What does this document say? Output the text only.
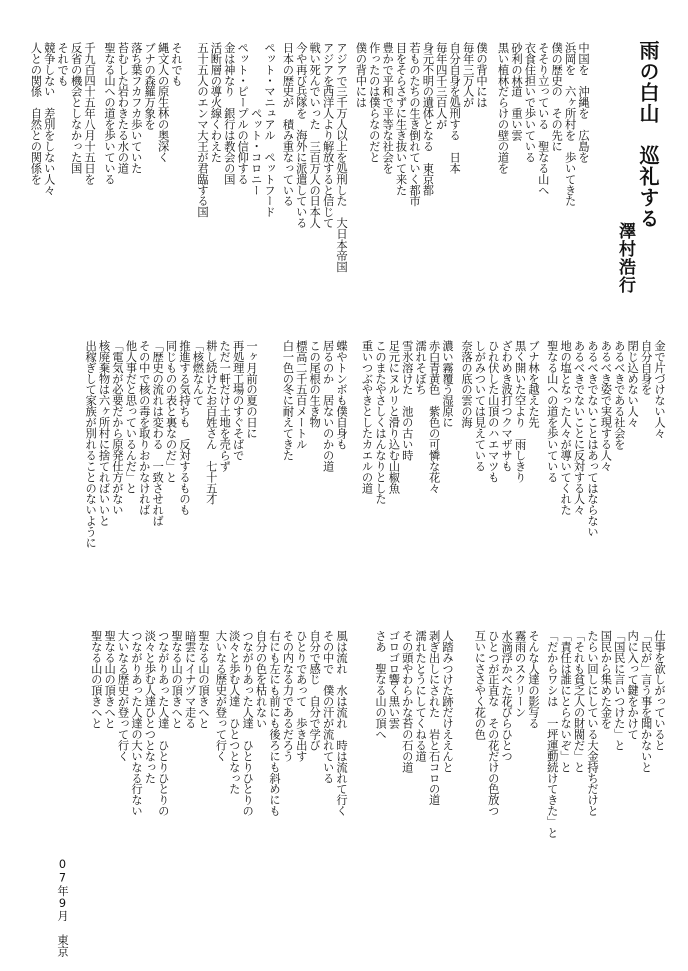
雨の白山　巡礼する
澤村浩行
中国を　沖縄を　広島を
浜岡を　六ヶ所村を　歩いてきた
僕の歴史の　その先に
そそり立っている　聖なる山へ
衣食住担いで歩いている
砂利の林道　重い雲
黒い植林だらけの壁の道を
僕の背中には
毎年三万人が
自分自身を処刑する　日本
毎年四千三百人が
身元不明の遺体となる　東京都
若ものたちの生き倒れていく都市
目をそらさずに生き抜いて来た
豊かで平和で平等な社会を
作ったのは僕らなのだと
僕の背中には
アジアで三千万人以上を処刑した　大日本帝国
アジアを西洋人より解放すると信じて
戦い死んでいった　三百万人の日本人
今や再び兵隊を　海外に派遣している
日本の歴史が　積み重なっている
ペット・マニュアル　ペットフード
　　　　　　ペット・コロニー
ペット・ピープルの信仰する
金は神なり　銀行は教会の国
活断層の導火線くわえた
五十五人のエンマ大王が君臨する国
それでも
縄文人の原生林の奥深く
ブナの森羅万象を
落ち葉フカフカ歩いていた
苔むした岩わきたる水の道
聖なる山への道を歩いている
千九百四十五年八月十五日を
反省の機会としなかった国
それでも
競争しない　差別をしない人々
人との関係　自然との関係を
金で片づけない人々
自分自身を
閉じ込めない人々
あるべきである社会を
あるべき姿で実現する人々
あるべきでないことはあってはならない
あるべきでないことに反対する人々
地の塩となった人々が導いてくれた
聖なる山への道を歩いている
ブナ林を越えた先
黒く開いた空より　雨しきり
ざわめき波打つクマザサも
ひれ伏した山頂のハエマツも
しがみついては見えている
奈落の底の雲の海
濃い霧覆う湿原に
赤白青黄色　紫色の可憐な花々
濡れそぼち
雪氷溶けた　池の古い時
足元にヌルリと滑り込む山椒魚
このまたやさしくはんなりとした
重いつぶやきとしたカエルの道
蝶やトンボも僕自身も
居るのか　居ないのかの道
この尾根の生き物
標高二千五百メートル
白一色の冬に耐えてきた
一ヶ月前の夏の日に
再処理工場のすぐそばで
ただ一軒だけ土地を売らず
耕し続けたお百姓さん　七十五才
「核燃なんて
推進する気持ちも　反対するものも
同じものの表と裏なのだ」と
「歴史の流れは変わる　一致させれば
その中で核の毒を取りおかなければ
他人事だと思っているんだ」と
「電気が必要だから原発仕方がない
核廃棄物は六ヶ所村に捨てればいいと
出稼ぎして家族が別れることのないように
仕事を欲しがっていると
「民が」言う事を聞かないと
内に入って鍵をかけて
「国民に言いつけた」と
国民から集めた金を
たらい回しにしている大金持ちだけと
「それも貧乏人の財閥だ」と
「責任は誰にとらないぞ」と
「だからワシは　一坪運動続けてきた」と
そんな人達の影写る
霧雨のスクリーン
水滴浮かべた花びらひとつ
ひとつが正直な　その花だけの色放つ
互いにささやく花の色
人踏みつけた跡だけええんと
剥ぎ出しにされた　岩と石コロの道
濡れたとうにしてくねる道
その頭やわらかな苔の石の道
ゴロゴロ響く黒い雲
さあ　聖なる山の頂へ
風は流れ　水は流れ　時は流れて行く
その中で　僕の汗が流れている
自分で感じ　自分で学び
ひとりであって　歩き出す
その内なる力であるだろう
右にも左にも前にも後ろにも斜めにも
自分の色を枯れない
つながりあった人達　ひとりひとりの
淡々と歩む人達　ひとつとなった
大いなる歴史が登って行く
聖なる山の頂きへと
暗雲にイナヅマ走る
聖なる山の頂きへと
つながりあった人達　ひとりひとりの
淡々と歩む人達ひとつとなった
つながりあった人達の大いなる行ない
大いなる歴史が登って行く
聖なる山の頂きへと
聖なる山の頂きへと
07年9月　東京
